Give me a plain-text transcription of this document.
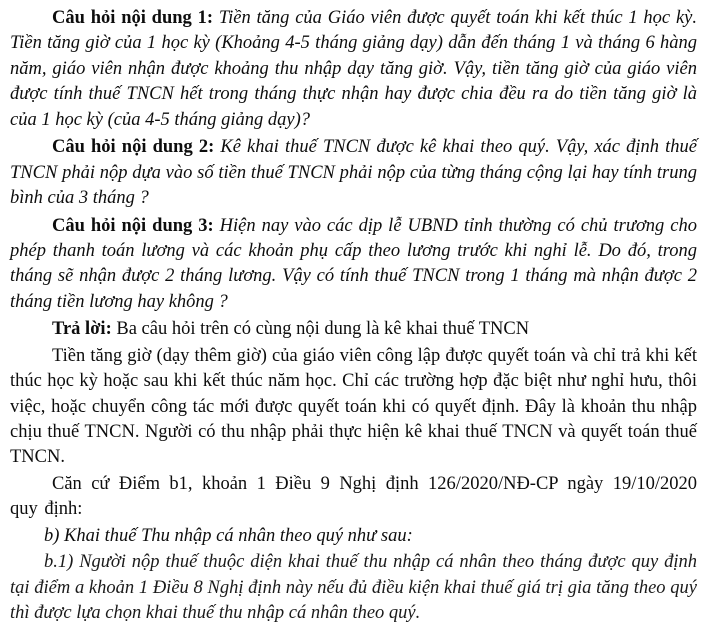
Câu hỏi nội dung 1: Tiền tăng của Giáo viên được quyết toán khi kết thúc 1 học kỳ. Tiền tăng giờ của 1 học kỳ (Khoảng 4-5 tháng giảng dạy) dẫn đến tháng 1 và tháng 6 hàng năm, giáo viên nhận được khoảng thu nhập dạy tăng giờ. Vậy, tiền tăng giờ của giáo viên được tính thuế TNCN hết trong tháng thực nhận hay được chia đều ra do tiền tăng giờ là của 1 học kỳ (của 4-5 tháng giảng dạy)?

Câu hỏi nội dung 2: Kê khai thuế TNCN được kê khai theo quý. Vậy, xác định thuế TNCN phải nộp dựa vào số tiền thuế TNCN phải nộp của từng tháng cộng lại hay tính trung bình của 3 tháng ?

Câu hỏi nội dung 3: Hiện nay vào các dịp lễ UBND tỉnh thường có chủ trương cho phép thanh toán lương và các khoản phụ cấp theo lương trước khi nghỉ lễ. Do đó, trong tháng sẽ nhận được 2 tháng lương. Vậy có tính thuế TNCN trong 1 tháng mà nhận được 2 tháng tiền lương hay không ?

Trả lời: Ba câu hỏi trên có cùng nội dung là kê khai thuế TNCN

Tiền tăng giờ (dạy thêm giờ) của giáo viên công lập được quyết toán và chỉ trả khi kết thúc học kỳ hoặc sau khi kết thúc năm học. Chỉ các trường hợp đặc biệt như nghỉ hưu, thôi việc, hoặc chuyển công tác mới được quyết toán khi có quyết định. Đây là khoản thu nhập chịu thuế TNCN. Người có thu nhập phải thực hiện kê khai thuế TNCN và quyết toán thuế TNCN.

Căn cứ Điểm b1, khoản 1 Điều 9 Nghị định 126/2020/NĐ-CP ngày 19/10/2020 quy định:

b) Khai thuế Thu nhập cá nhân theo quý như sau:

b.1) Người nộp thuế thuộc diện khai thuế thu nhập cá nhân theo tháng được quy định tại điểm a khoản 1 Điều 8 Nghị định này nếu đủ điều kiện khai thuế giá trị gia tăng theo quý thì được lựa chọn khai thuế thu nhập cá nhân theo quý.
